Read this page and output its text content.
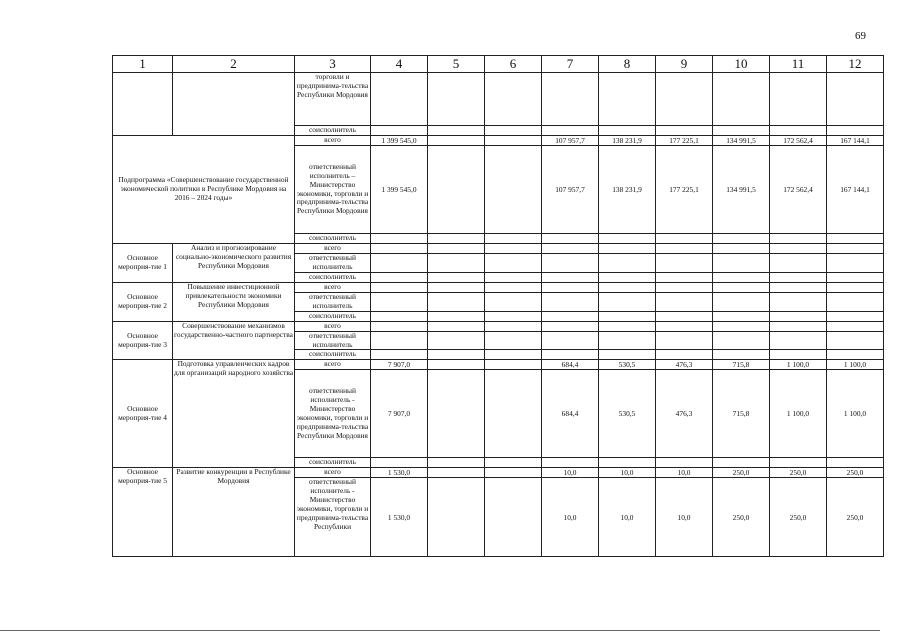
69
1	2	3	4	5	6	7	8	9	10	11	12
		торговли и предпринима-тельства Республики Мордовия									
		соисполнитель									
Подпрограмма «Совершенствование государственной экономической политики в Республике Мордовия на 2016 – 2024 годы»		всего	1 399 545,0			107 957,7	138 231,9	177 225,1	134 991,5	172 562,4	167 144,1
		ответственный исполнитель – Министерство экономики, торговли и предпринима-тельства Республики Мордовия	1 399 545,0			107 957,7	138 231,9	177 225,1	134 991,5	172 562,4	167 144,1
		соисполнитель									
Основное мероприя-тие 1	Анализ и прогнозирование социально-экономического развития Республики Мордовия	всего									
		ответственный исполнитель									
		соисполнитель									
Основное мероприя-тие 2	Повышение инвестиционной привлекательности экономики Республики Мордовия	всего									
		ответственный исполнитель									
		соисполнитель									
Основное мероприя-тие 3	Совершенствование механизмов государственно-частного партнерства	всего									
		ответственный исполнитель									
		соисполнитель									
Основное мероприя-тие 4	Подготовка управленческих кадров для организаций народного хозяйства	всего	7 907,0			684,4	530,5	476,3	715,8	1 100,0	1 100,0
		ответственный исполнитель - Министерство экономики, торговли и предпринима-тельства Республики Мордовия	7 907,0			684,4	530,5	476,3	715,8	1 100,0	1 100,0
		соисполнитель									
Основное мероприя-тие 5	Развитие конкуренции в Республике Мордовия	всего	1 530,0			10,0	10,0	10,0	250,0	250,0	250,0
		ответственный исполнитель - Министерство экономики, торговли и предпринима-тельства Республики	1 530,0			10,0	10,0	10,0	250,0	250,0	250,0
